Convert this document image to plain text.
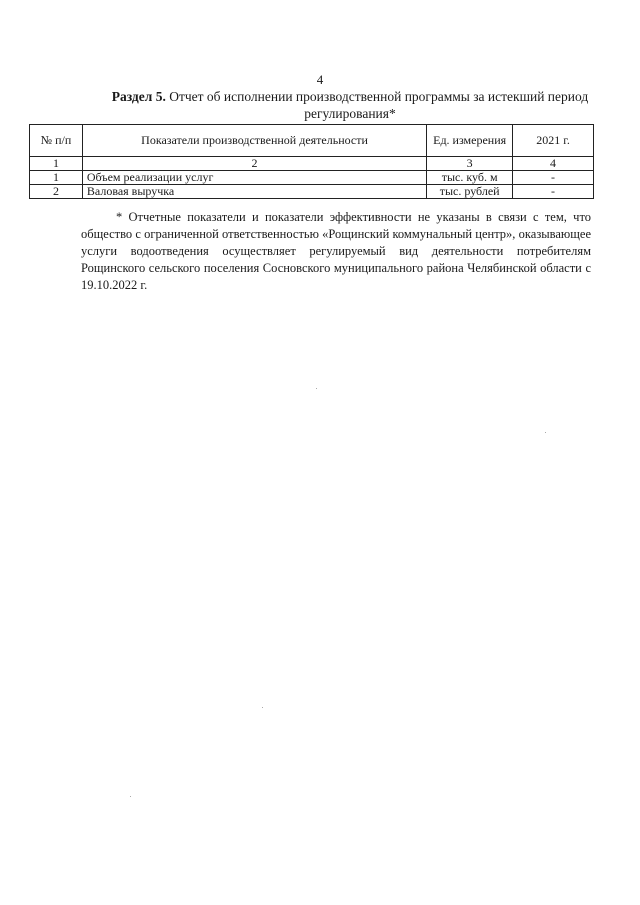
4
Раздел 5. Отчет об исполнении производственной программы за истекший период регулирования*
№ п/п	Показатели производственной деятельности	Ед. измерения	2021 г.
1	2	3	4
1	Объем реализации услуг	тыс. куб. м	-
2	Валовая выручка	тыс. рублей	-

* Отчетные показатели и показатели эффективности не указаны в связи с тем, что общество с ограниченной ответственностью «Рощинский коммунальный центр», оказывающее услуги водоотведения осуществляет регулируемый вид деятельности потребителям Рощинского сельского поселения Сосновского муниципального района Челябинской области с 19.10.2022 г.
